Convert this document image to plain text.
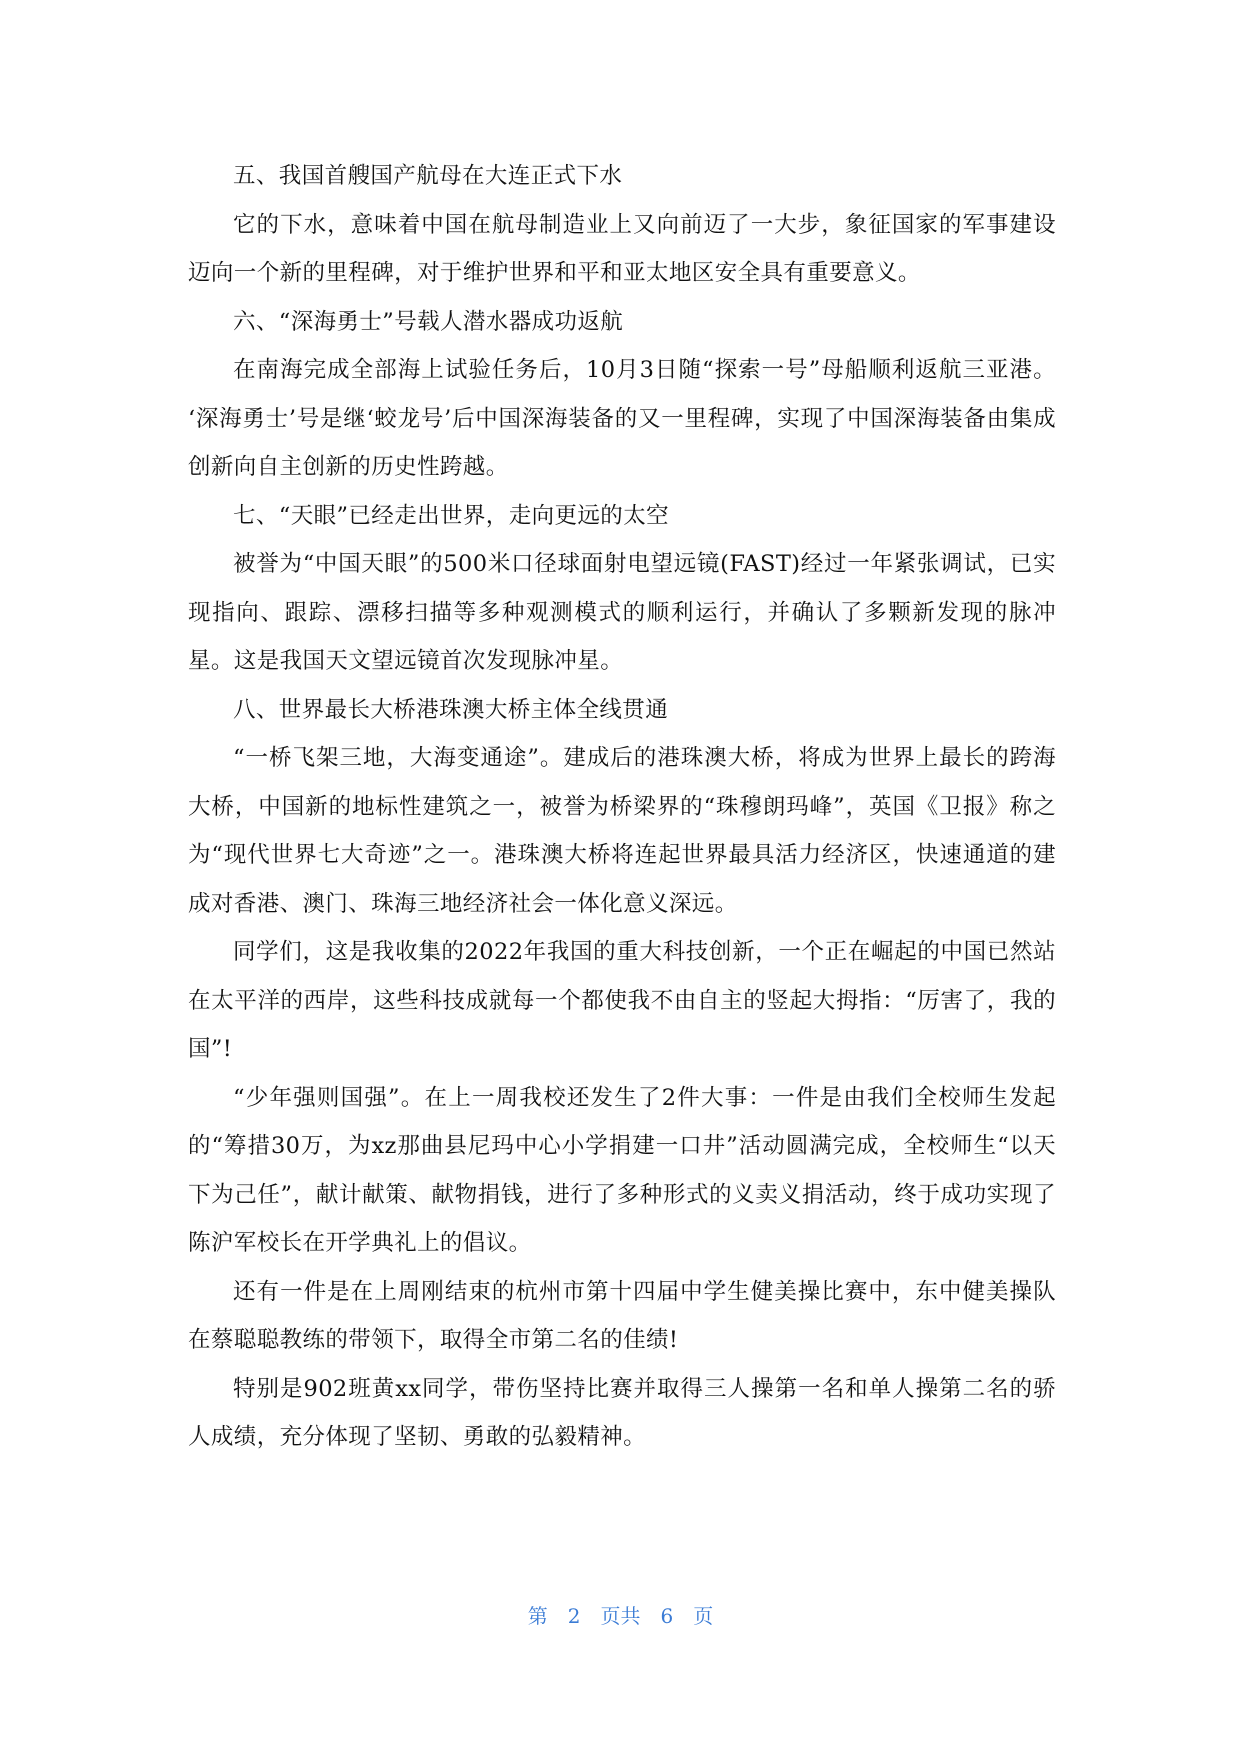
五、我国首艘国产航母在大连正式下水

它的下水，意味着中国在航母制造业上又向前迈了一大步，象征国家的军事建设迈向一个新的里程碑，对于维护世界和平和亚太地区安全具有重要意义。

六、“深海勇士”号载人潜水器成功返航

在南海完成全部海上试验任务后，10月3日随“探索一号”母船顺利返航三亚港。 ‘深海勇士’号是继‘蛟龙号’后中国深海装备的又一里程碑，实现了中国深海装备由集成创新向自主创新的历史性跨越。

七、“天眼”已经走出世界，走向更远的太空

被誉为“中国天眼”的500米口径球面射电望远镜(FAST)经过一年紧张调试，已实现指向、跟踪、漂移扫描等多种观测模式的顺利运行，并确认了多颗新发现的脉冲星。这是我国天文望远镜首次发现脉冲星。

八、世界最长大桥港珠澳大桥主体全线贯通

“一桥飞架三地，大海变通途”。建成后的港珠澳大桥，将成为世界上最长的跨海大桥，中国新的地标性建筑之一，被誉为桥梁界的“珠穆朗玛峰”，英国《卫报》称之为“现代世界七大奇迹”之一。港珠澳大桥将连起世界最具活力经济区，快速通道的建成对香港、澳门、珠海三地经济社会一体化意义深远。

同学们，这是我收集的2022年我国的重大科技创新，一个正在崛起的中国已然站在太平洋的西岸，这些科技成就每一个都使我不由自主的竖起大拇指：“厉害了，我的国”!

“少年强则国强”。在上一周我校还发生了2件大事：一件是由我们全校师生发起的“筹措30万，为xz那曲县尼玛中心小学捐建一口井”活动圆满完成，全校师生“以天下为己任”，献计献策、献物捐钱，进行了多种形式的义卖义捐活动，终于成功实现了陈沪军校长在开学典礼上的倡议。

还有一件是在上周刚结束的杭州市第十四届中学生健美操比赛中，东中健美操队在蔡聪聪教练的带领下，取得全市第二名的佳绩!

特别是902班黄xx同学，带伤坚持比赛并取得三人操第一名和单人操第二名的骄人成绩，充分体现了坚韧、勇敢的弘毅精神。

第 2 页共 6 页
